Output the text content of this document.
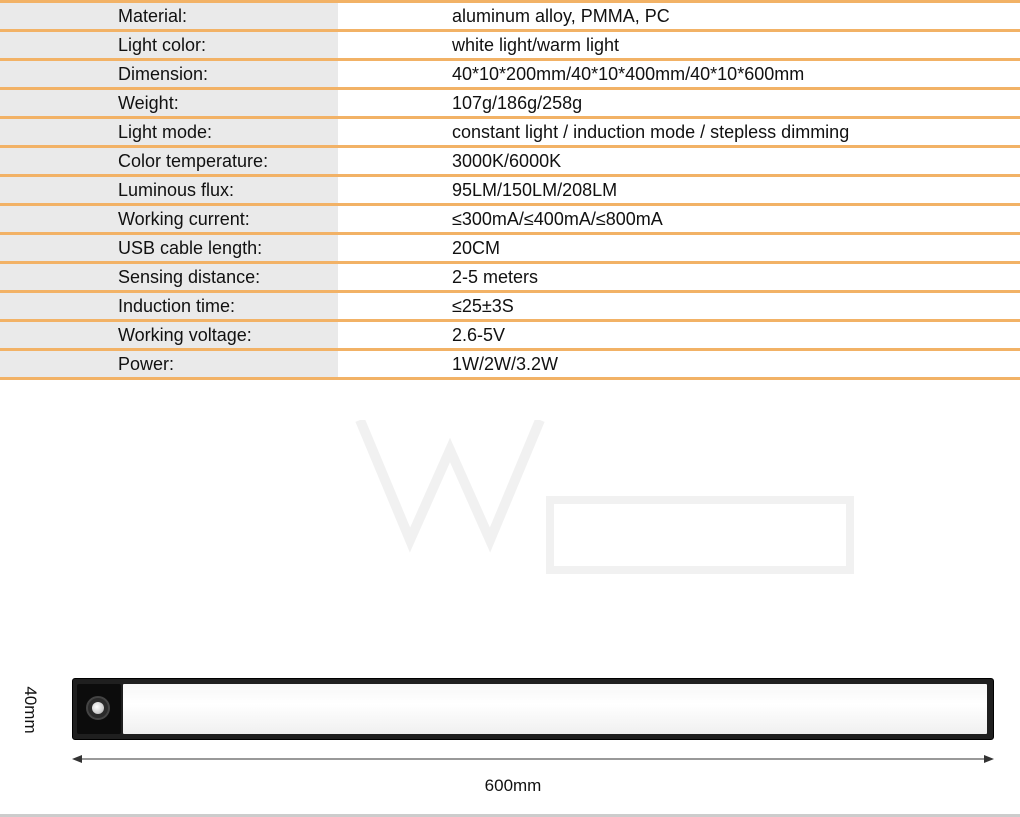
Material:	aluminum alloy, PMMA, PC
Light color:	white light/warm light
Dimension:	40*10*200mm/40*10*400mm/40*10*600mm
Weight:	107g/186g/258g
Light mode:	constant light / induction mode / stepless dimming
Color temperature:	3000K/6000K
Luminous flux:	95LM/150LM/208LM
Working current:	≤300mA/≤400mA/≤800mA
USB cable length:	20CM
Sensing distance:	2-5 meters
Induction time:	≤25±3S
Working voltage:	2.6-5V
Power:	1W/2W/3.2W
40mm
600mm
